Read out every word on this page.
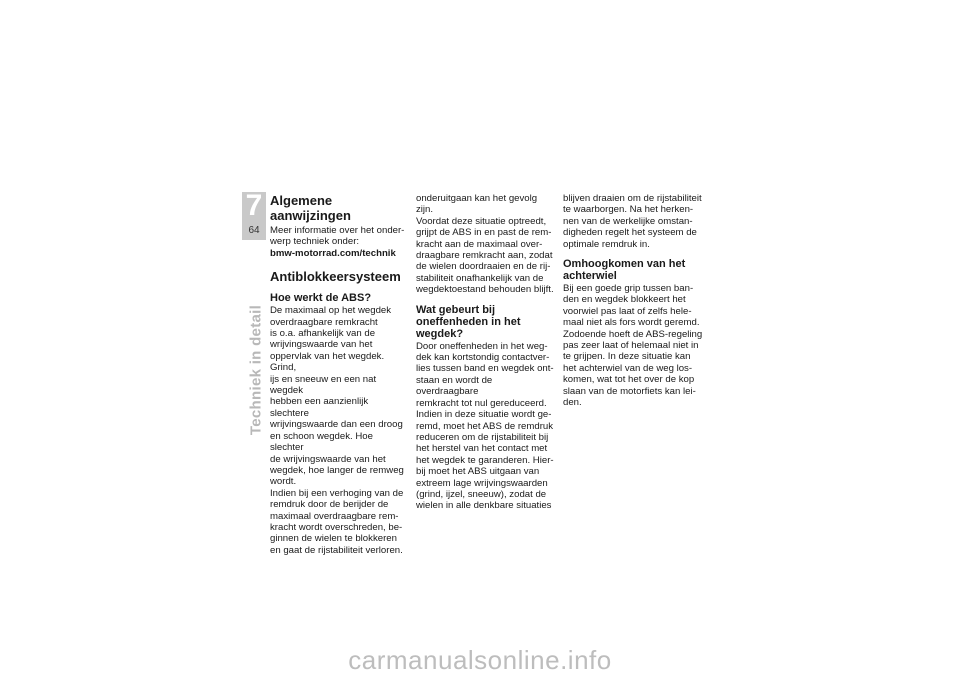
7
64
Techniek in detail
Algemene aanwijzingen

Meer informatie over het onder-
werp techniek onder:

bmw-motorrad.com/technik

Antiblokkeersysteem
Hoe werkt de ABS?

De maximaal op het wegdek
overdraagbare remkracht
is o.a. afhankelijk van de
wrijvingswaarde van het
oppervlak van het wegdek. Grind,
ijs en sneeuw en een nat wegdek
hebben een aanzienlijk slechtere
wrijvingswaarde dan een droog
en schoon wegdek. Hoe slechter
de wrijvingswaarde van het
wegdek, hoe langer de remweg
wordt.
Indien bij een verhoging van de
remdruk door de berijder de
maximaal overdraagbare rem-
kracht wordt overschreden, be-
ginnen de wielen te blokkeren
en gaat de rijstabiliteit verloren.

onderuitgaan kan het gevolg zijn.
Voordat deze situatie optreedt,
grijpt de ABS in en past de rem-
kracht aan de maximaal over-
draagbare remkracht aan, zodat
de wielen doordraaien en de rij-
stabiliteit onafhankelijk van de
wegdektoestand behouden blijft.

Wat gebeurt bij
oneffenheden in het
wegdek?

Door oneffenheden in het weg-
dek kan kortstondig contactver-
lies tussen band en wegdek ont-
staan en wordt de overdraagbare
remkracht tot nul gereduceerd.
Indien in deze situatie wordt ge-
remd, moet het ABS de remdruk
reduceren om de rijstabiliteit bij
het herstel van het contact met
het wegdek te garanderen. Hier-
bij moet het ABS uitgaan van
extreem lage wrijvingswaarden
(grind, ijzel, sneeuw), zodat de
wielen in alle denkbare situaties

blijven draaien om de rijstabiliteit
te waarborgen. Na het herken-
nen van de werkelijke omstan-
digheden regelt het systeem de
optimale remdruk in.

Omhoogkomen van het
achterwiel

Bij een goede grip tussen ban-
den en wegdek blokkeert het
voorwiel pas laat of zelfs hele-
maal niet als fors wordt geremd.
Zodoende hoeft de ABS-regeling
pas zeer laat of helemaal niet in
te grijpen. In deze situatie kan
het achterwiel van de weg los-
komen, wat tot het over de kop
slaan van de motorfiets kan lei-
den.

carmanualsonline.info
